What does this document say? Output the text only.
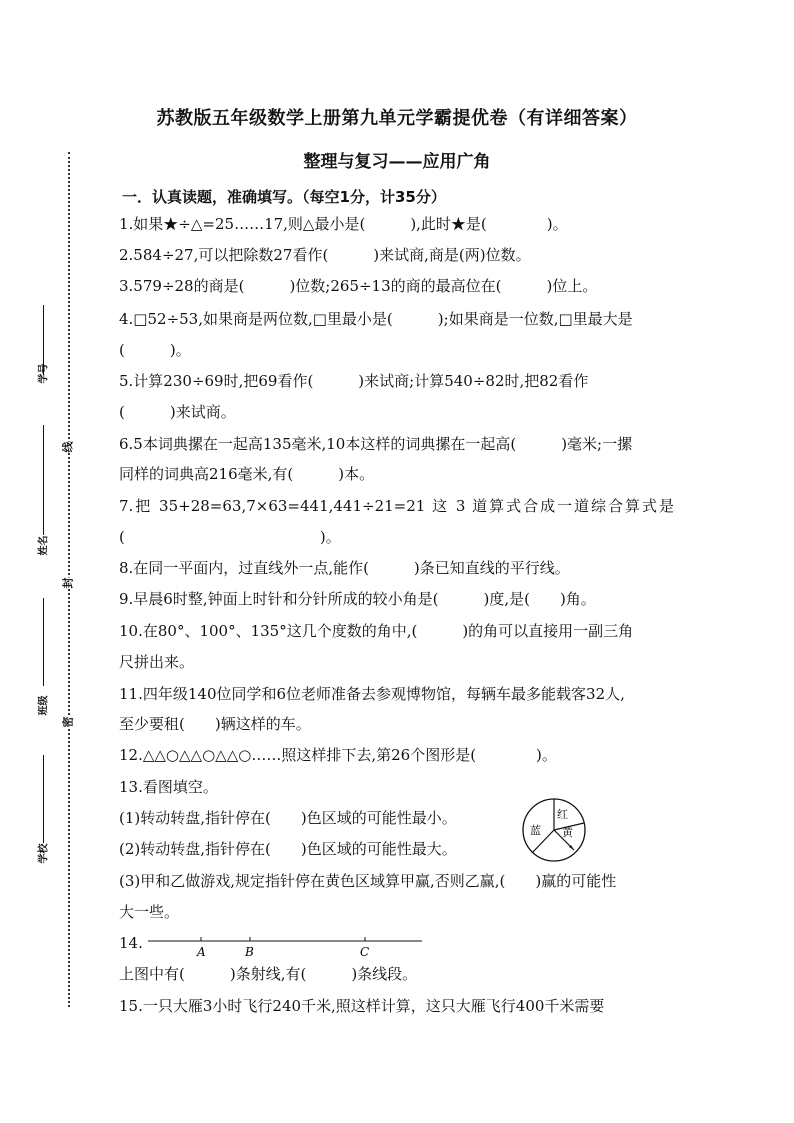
苏教版五年级数学上册第九单元学霸提优卷（有详细答案）
整理与复习——应用广角
学号
姓名
班级
学校
线
封
密
一．认真读题，准确填写。（每空1分，计35分）
1.如果★÷△=25……17,则△最小是(　　　),此时★是(　　　　)。
2.584÷27,可以把除数27看作(　　　)来试商,商是(两)位数。
3.579÷28的商是(　　　)位数;265÷13的商的最高位在(　　　)位上。
4.□52÷53,如果商是两位数,□里最小是(　　　);如果商是一位数,□里最大是
(　　　)。
5.计算230÷69时,把69看作(　　　)来试商;计算540÷82时,把82看作
(　　　)来试商。
6.5本词典摞在一起高135毫米,10本这样的词典摞在一起高(　　　)毫米;一摞
同样的词典高216毫米,有(　　　)本。
7.把 35+28=63,7×63=441,441÷21=21 这 3 道算式合成一道综合算式是
(　　　　　　　　　　　　　)。
8.在同一平面内，过直线外一点,能作(　　　)条已知直线的平行线。
9.早晨6时整,钟面上时针和分针所成的较小角是(　　　)度,是(　　)角。
10.在80°、100°、135°这几个度数的角中,(　　　)的角可以直接用一副三角
尺拼出来。
11.四年级140位同学和6位老师准备去参观博物馆，每辆车最多能载客32人,
至少要租(　　)辆这样的车。
12.△△○△△○△△○……照这样排下去,第26个图形是(　　　　)。
13.看图填空。
(1)转动转盘,指针停在(　　)色区域的可能性最小。
(2)转动转盘,指针停在(　　)色区域的可能性最大。
(3)甲和乙做游戏,规定指针停在黄色区域算甲赢,否则乙赢,(　　)赢的可能性
大一些。
14.
上图中有(　　　)条射线,有(　　　)条线段。
15.一只大雁3小时飞行240千米,照这样计算，这只大雁飞行400千米需要
红
黄
蓝
A	B	C
